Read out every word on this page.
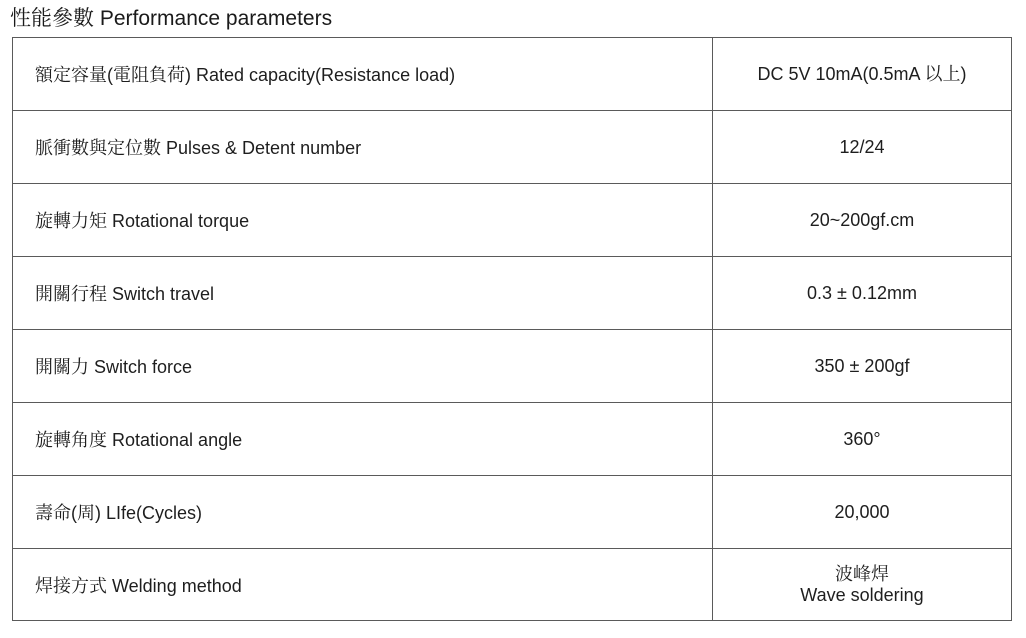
性能參數 Performance parameters
額定容量(電阻負荷) Rated capacity(Resistance load)	DC 5V 10mA(0.5mA 以上)

脈衝數與定位數 Pulses & Detent number	12/24

旋轉力矩 Rotational torque	20~200gf.cm

開關行程 Switch travel	0.3 ± 0.12mm

開關力 Switch force	350 ± 200gf

旋轉角度 Rotational angle	360°

壽命(周) LIfe(Cycles)	20,000

焊接方式 Welding method	波峰焊
Wave soldering
